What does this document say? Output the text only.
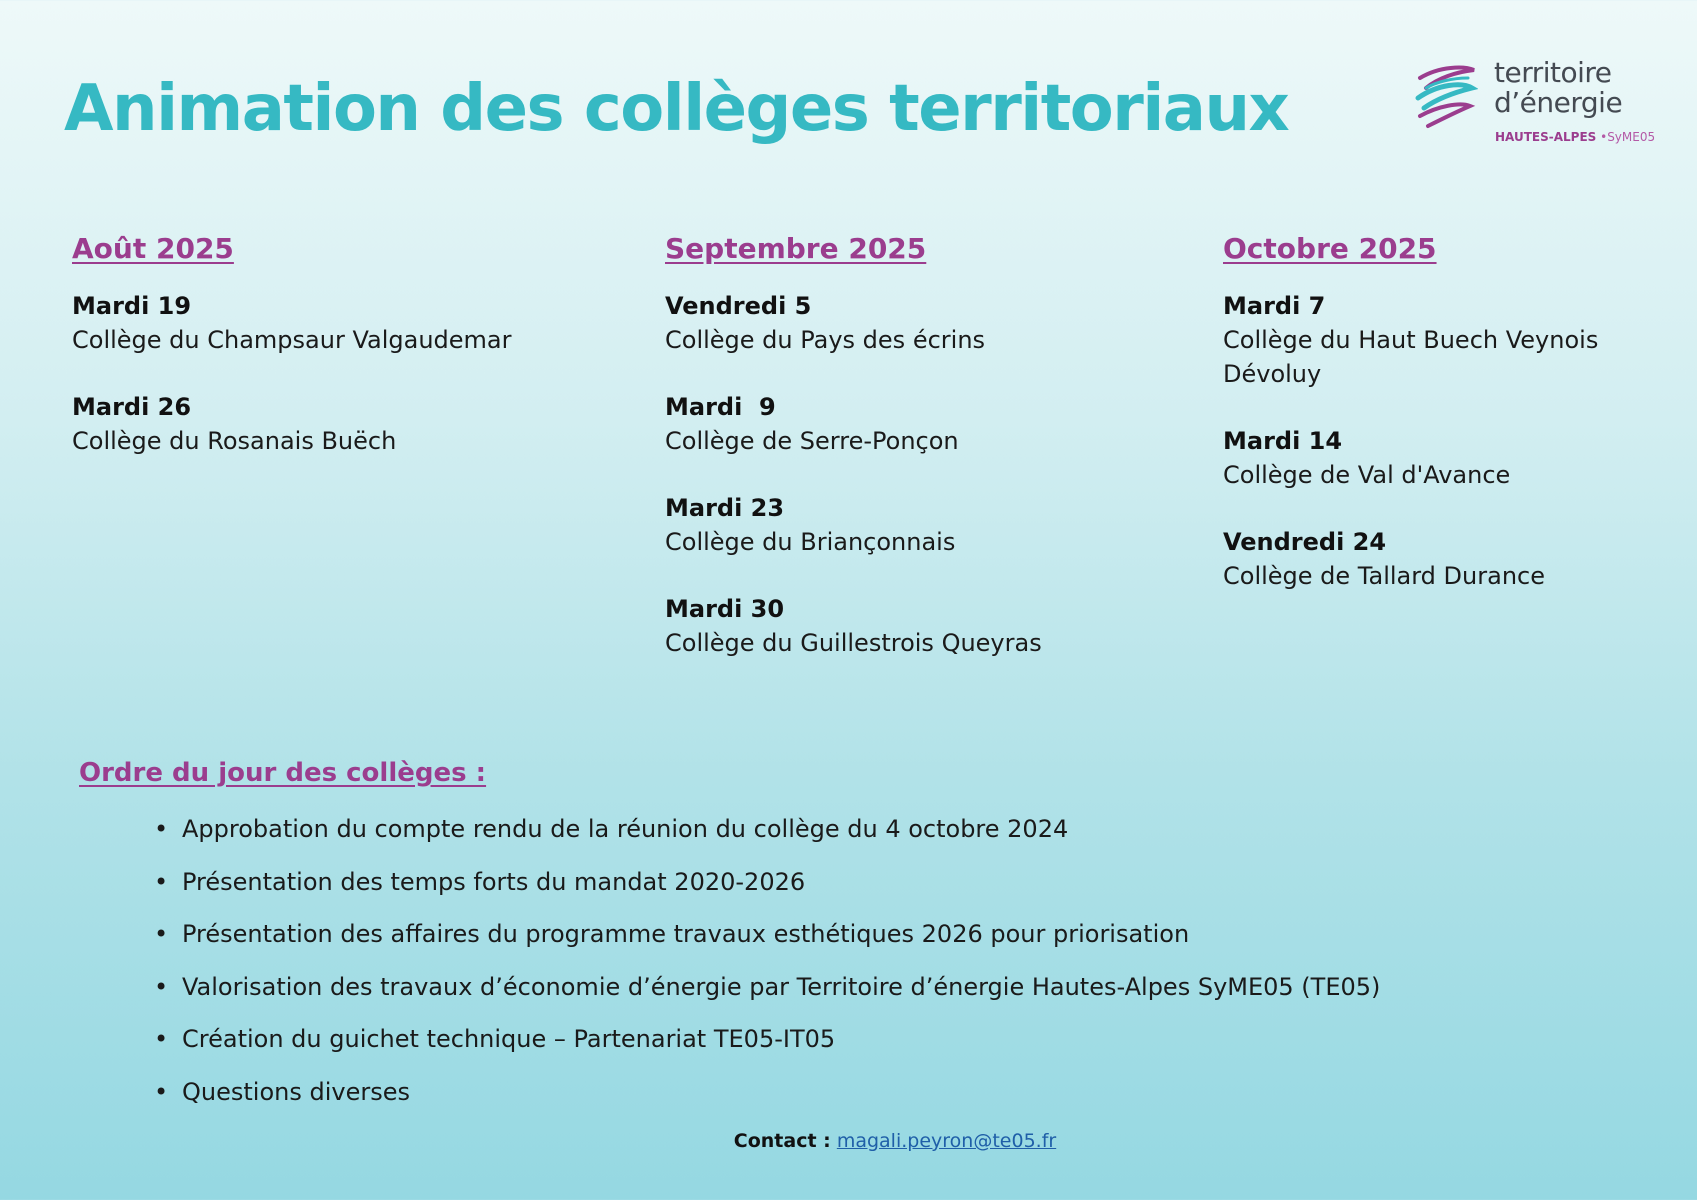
Animation des collèges territoriaux	territoire
d’énergie
HAUTES-ALPES •SyME05
Août 2025
Mardi 19
Collège du Champsaur Valgaudemar
Mardi 26
Collège du Rosanais Buëch
Septembre 2025
Vendredi 5
Collège du Pays des écrins
Mardi  9
Collège de Serre-Ponçon
Mardi 23
Collège du Briançonnais
Mardi 30
Collège du Guillestrois Queyras
Octobre 2025
Mardi 7
Collège du Haut Buech Veynois Dévoluy
Mardi 14
Collège de Val d'Avance
Vendredi 24
Collège de Tallard Durance
Ordre du jour des collèges :
• Approbation du compte rendu de la réunion du collège du 4 octobre 2024
• Présentation des temps forts du mandat 2020-2026
• Présentation des affaires du programme travaux esthétiques 2026 pour priorisation
• Valorisation des travaux d’économie d’énergie par Territoire d’énergie Hautes-Alpes SyME05 (TE05)
• Création du guichet technique – Partenariat TE05-IT05
• Questions diverses
Contact : magali.peyron@te05.fr
